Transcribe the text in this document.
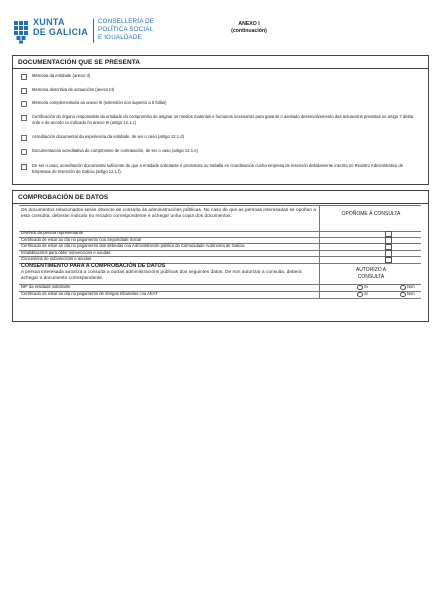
XUNTA
DE GALICIA
CONSELLERÍA DE
POLÍTICA SOCIAL
E IGUALDADE
ANEXO I
(continuación)
DOCUMENTACIÓN QUE SE PRESENTA
Memoria da entidade (anexo II)
Memoria descritiva de actuacións (anexo III)
Memoria complementaria ao anexo III (extensión non superior a 5 follas)
Certificación do órgano responsable da entidade do compromiso de asignar os medios materiais e humanos necesarios para garantir o axeitado desenvolvemento das actuacións previstas no artigo 7 desta orde e de acordo co indicado no anexo III (artigo 12.1.c)
Acreditación documental da experiencia da entidade, de ser o caso (artigo 12.1.d)
Documentación acreditativa do compromiso de contratación, de ser o caso (artigo 12.1.e)
De ser o caso, acreditación documental suficiente de que a entidade solicitante é promotora ou traballa en coordinación cunha empresa de inserción debidamente inscrita no Rexistro Administrativo de Empresas de Inserción de Galicia (artigo 12.1.f).
COMPROBACIÓN DE DATOS
Os documentos relacionados serán obxecto de consulta ás administracións públicas. No caso de que as persoas interesadas se opoñan a esta consulta, deberán indicalo no recadro correspondente e achegar unha copia dos documentos.	OPÓÑOME Á CONSULTA
DNI/NIE da persoa representante
Certificado de estar ao día no pagamento coa Seguridade Social
Certificado de estar ao día no pagamento das débedas coa Administración pública da Comunidade Autónoma de Galicia
Inhabilitacións para obter subvencións e axudas
Concesións de subvencións e axudas
CONSENTIMENTO PARA A COMPROBACIÓN DE DATOS
A persoa interesada autoriza a consulta a outras administracións públicas dos seguintes datos. De non autorizar a consulta, deberá achegar o documento correspondente.
AUTORIZO A CONSULTA
NIF da entidade solicitante	Si	Non
Certificado de estar ao día no pagamento de obrigas tributarias coa AEAT	Si	Non
